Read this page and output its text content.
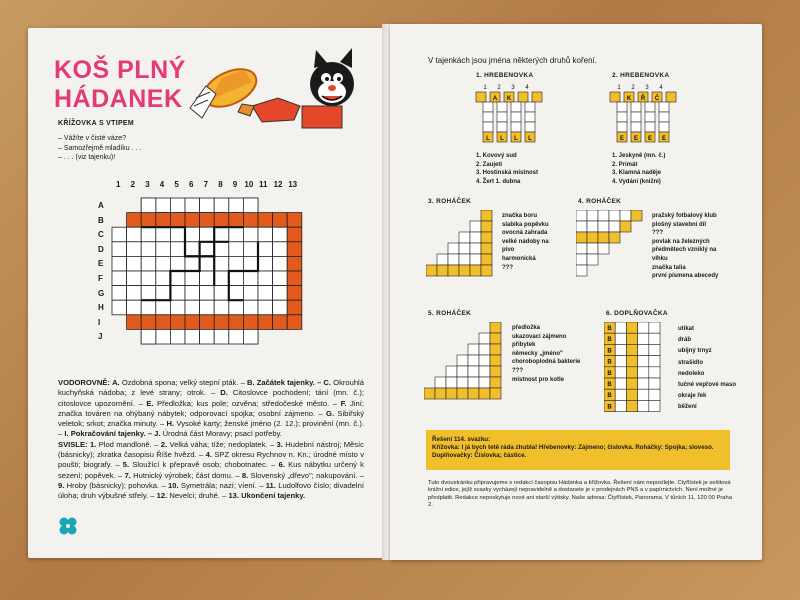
KOŠ PLNÝ
HÁDANEK
KŘÍŽOVKA S VTIPEM
– Vážíte v čisté váze?
– Samozřejmě mladíku . . .
– . . . (viz tajenku)!
1 2 3 4 5 6 7 8 9 10 11 12 13
A
B
C
D
E
F
G
H
I
J
VODOROVNĚ: A. Ozdobná spona; velký stepní pták. – B. Začátek tajenky. – C. Okrouhlá kuchyňská nádoba; z levé strany; otrok. – D. Citoslovce pochodení; tání (mn. č.); citoslovce upozornění. – E. Předložka; kus pole; ozvěna; středočeské město. – F. Jiní; značka továren na ohýbaný nábytek; odporovací spojka; osobní zájmeno. – G. Sibiřský veletok; srkot; značka minuty. – H. Vysoké karty; ženské jméno (2. 12.); provinění (mn. č.). – I. Pokračování tajenky. – J. Úrodná část Moravy; psací potřeby.
SVISLE: 1. Plod mandloně. – 2. Velká váha; tíže; nedoplatek. – 3. Hudební nástroj; Měsíc (básnicky); zkratka časopisu Říše hvězd. – 4. SPZ okresu Rychnov n. Kn.; úrodné místo v poušti; biografy. – 5. Sloužící k přepravě osob; chobotnatec. – 6. Kus nábytku určený k sezení; popěvek. – 7. Hutnický výrobek; část domu. – 8. Slovenský „dřevo"; nakupování. – 9. Hroby (básnicky); pohovka. – 10. Symetrála; nazí; víení. – 11. Ludolfovo číslo; divadelní úloha; druh výbušné střely. – 12. Nevelci; druhé. – 13. Ukončení tajenky.
V tajenkách jsou jména některých druhů koření.
1. HREBENOVKA
1 2 3 4
A K
L L L L
1. Kovový sud
2. Zaujetí
3. Hostinská místnost
4. Žert 1. dubna
2. HREBENOVKA
1 2 3 4
K Ř Č
E E E E
1. Jeskyně (mn. č.)
2. Primát
3. Klamná naděje
4. Vydání (knižní)
3. ROHÁČEK
značka boru
slabika popěvku
ovocná zahrada
velké nádoby na pivo
harmonická
???
4. ROHÁČEK
pražský fotbalový klub
plošný stavební díl
???
povlak na železných předmětech vzniklý na vlhku
značka talia
první písmena abecedy
5. ROHÁČEK
předložka
ukazovací zájmeno
příbytek
německy „jméno"
choroboplodná bakterie
???
místnost pro kotle
6. DOPLŇOVAČKA
B
B
B
B
B
B
B
B
utíkat
dráb
ubíjný trnyz
strašidlo
nedoleko
tučné vepřové maso
okraje řek
běžení
Řešení 114. svazku:
Křížovka: I já bych tetě ráda zhubla! Hřebenovky: Zájmeno; čislovka. Roháčky: Spojka; sloveso. Doplňovačky: Číslovka; částice.
Tuto dvoustránku připravujeme s redakcí časopisu Hádanka a křížovka. Řešení nám neposílejte. Ctyřlístek je sešitová knižní edice, jejíž svazky vycházejí nepravidelně a dostanete je v prodejnách PNS a v papírnictvích. Není možné je předplatit. Redakce neposkytuje nové ani starší výtisky. Naše adresa: Čtyřlístek, Panorama, V tůních 11, 120 00 Praha 2.
